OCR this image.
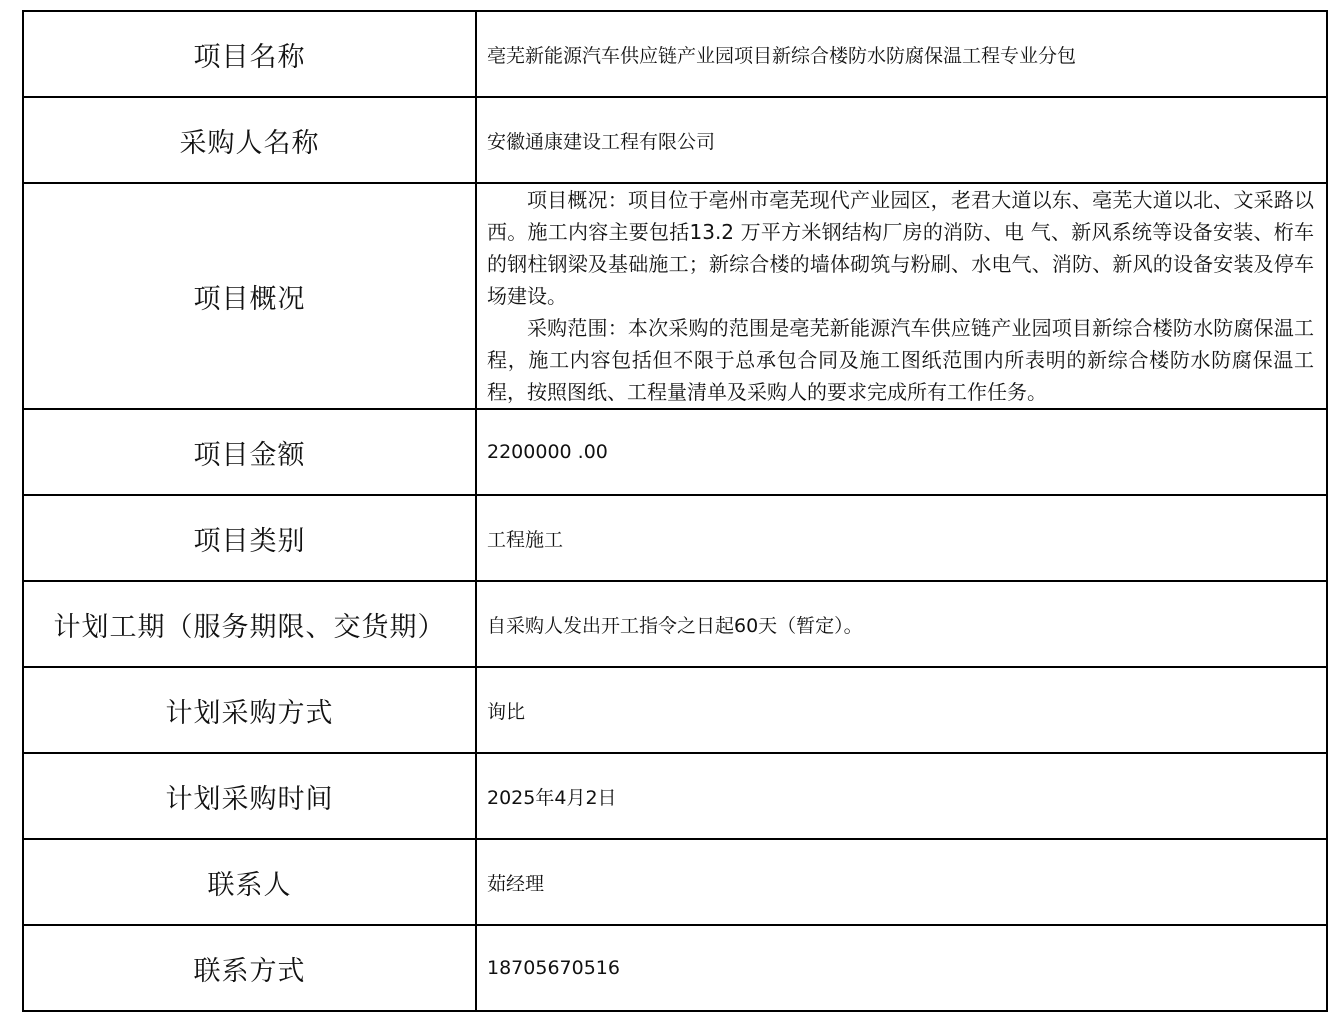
项目名称	亳芜新能源汽车供应链产业园项目新综合楼防水防腐保温工程专业分包
采购人名称	安徽通康建设工程有限公司
项目概况	项目概况：项目位于亳州市亳芜现代产业园区，老君大道以东、亳芜大道以北、文采路以西。施工内容主要包括13.2 万平方米钢结构厂房的消防、电 气、新风系统等设备安装、桁车的钢柱钢梁及基础施工；新综合楼的墙体砌筑与粉刷、水电气、消防、新风的设备安装及停车场建设。

采购范围：本次采购的范围是亳芜新能源汽车供应链产业园项目新综合楼防水防腐保温工程，施工内容包括但不限于总承包合同及施工图纸范围内所表明的新综合楼防水防腐保温工程，按照图纸、工程量清单及采购人的要求完成所有工作任务。

项目金额	2200000 .00
项目类别	工程施工
计划工期（服务期限、交货期）	自采购人发出开工指令之日起60天（暂定）。
计划采购方式	询比
计划采购时间	2025年4月2日
联系人	茹经理
联系方式	18705670516
